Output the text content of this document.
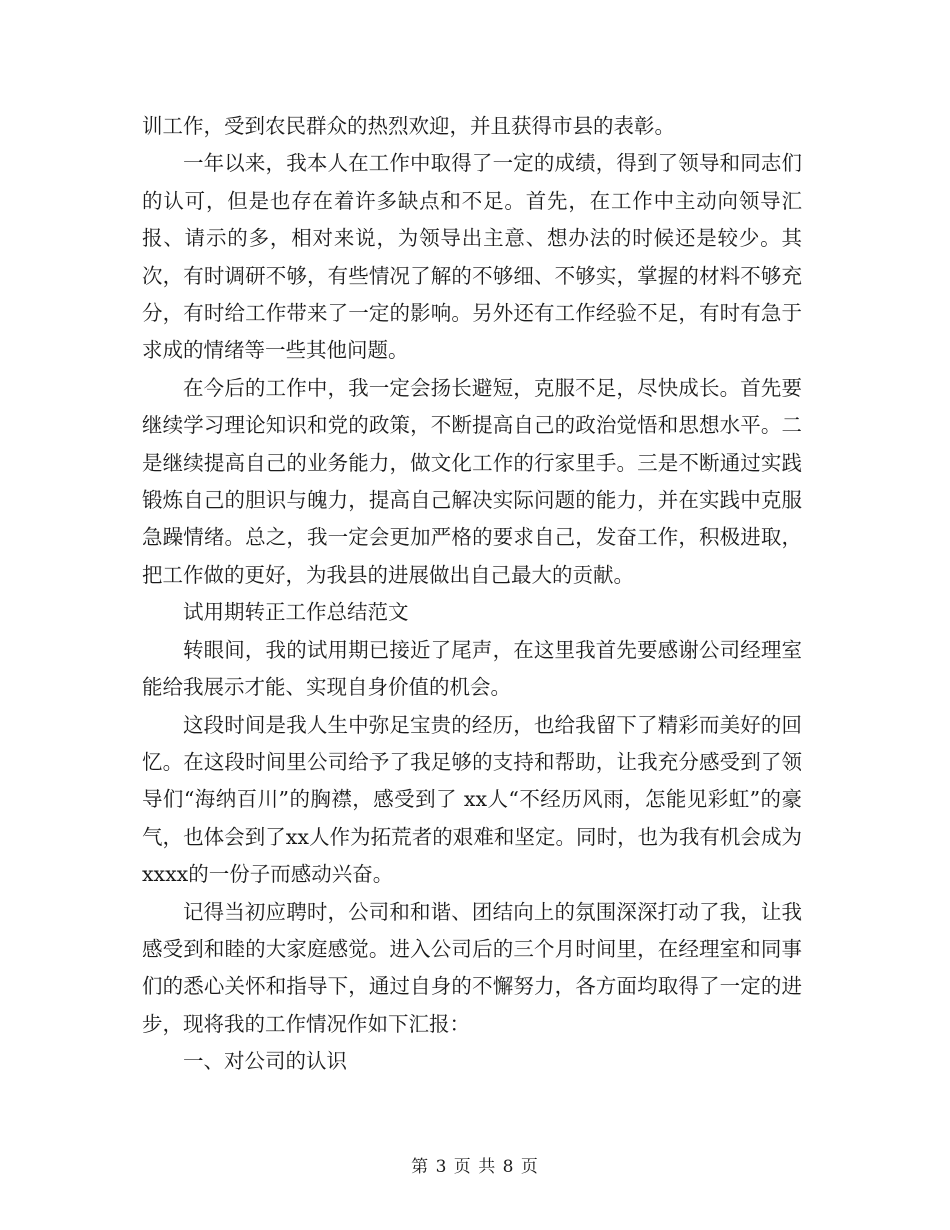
训工作，受到农民群众的热烈欢迎，并且获得市县的表彰。

一年以来，我本人在工作中取得了一定的成绩，得到了领导和同志们的认可，但是也存在着许多缺点和不足。首先，在工作中主动向领导汇报、请示的多，相对来说，为领导出主意、想办法的时候还是较少。其次，有时调研不够，有些情况了解的不够细、不够实，掌握的材料不够充分，有时给工作带来了一定的影响。另外还有工作经验不足，有时有急于求成的情绪等一些其他问题。

在今后的工作中，我一定会扬长避短，克服不足，尽快成长。首先要继续学习理论知识和党的政策，不断提高自己的政治觉悟和思想水平。二是继续提高自己的业务能力，做文化工作的行家里手。三是不断通过实践锻炼自己的胆识与魄力，提高自己解决实际问题的能力，并在实践中克服急躁情绪。总之，我一定会更加严格的要求自己，发奋工作，积极进取，把工作做的更好，为我县的进展做出自己最大的贡献。

试用期转正工作总结范文

转眼间，我的试用期已接近了尾声，在这里我首先要感谢公司经理室能给我展示才能、实现自身价值的机会。

这段时间是我人生中弥足宝贵的经历，也给我留下了精彩而美好的回忆。在这段时间里公司给予了我足够的支持和帮助，让我充分感受到了领导们“海纳百川”的胸襟，感受到了 xx人“不经历风雨，怎能见彩虹”的豪气，也体会到了xx人作为拓荒者的艰难和坚定。同时，也为我有机会成为xxxx的一份子而感动兴奋。

记得当初应聘时，公司和和谐、团结向上的氛围深深打动了我，让我感受到和睦的大家庭感觉。进入公司后的三个月时间里，在经理室和同事们的悉心关怀和指导下，通过自身的不懈努力，各方面均取得了一定的进步，现将我的工作情况作如下汇报：

一、对公司的认识

第 3 页 共 8 页
